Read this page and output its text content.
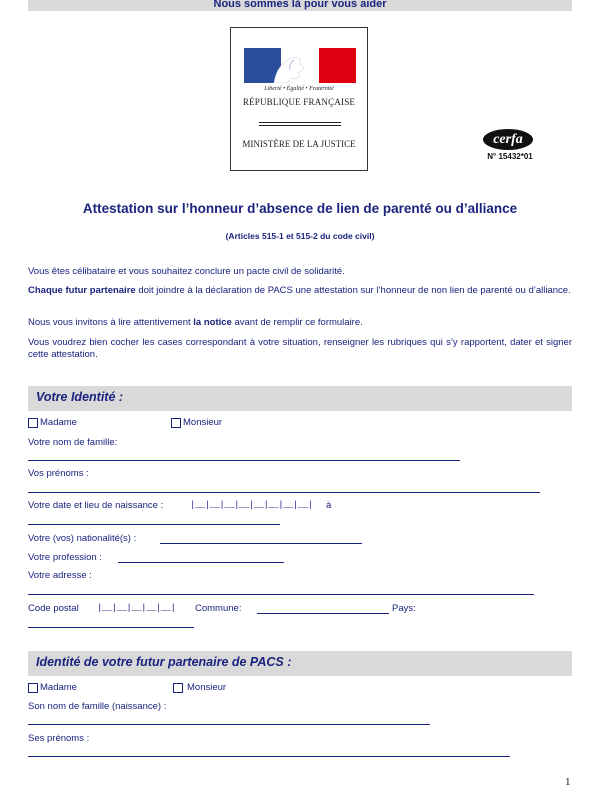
Nous sommes là pour vous aider
Liberté • Égalité • Fraternité
RÉPUBLIQUE FRANÇAISE
MINISTÈRE DE LA JUSTICE	cerfa
N° 15432*01
Attestation sur l’honneur d’absence de lien de parenté ou d’alliance
(Articles 515-1 et 515-2 du code civil)
Vous êtes célibataire et vous souhaitez conclure un pacte civil de solidarité.
Chaque futur partenaire doit joindre à la déclaration de PACS une attestation sur l’honneur de non lien de parenté ou d’alliance.
Nous vous invitons à lire attentivement la notice avant de remplir ce formulaire.
Vous voudrez bien cocher les cases correspondant à votre situation, renseigner les rubriques qui s’y rapportent, dater et signer cette attestation.
Votre Identité :
Madame	Monsieur
Votre nom de famille:
Vos prénoms :
Votre date et lieu de naissance :	|__|__|__|__|__|__|__|__| à
Votre (vos) nationalité(s) :
Votre profession :
Votre adresse :
Code postal |__|__|__|__|__| Commune:	Pays:
Identité de votre futur partenaire de PACS :
Madame	Monsieur
Son nom de famille (naissance) :
Ses prénoms :
1
